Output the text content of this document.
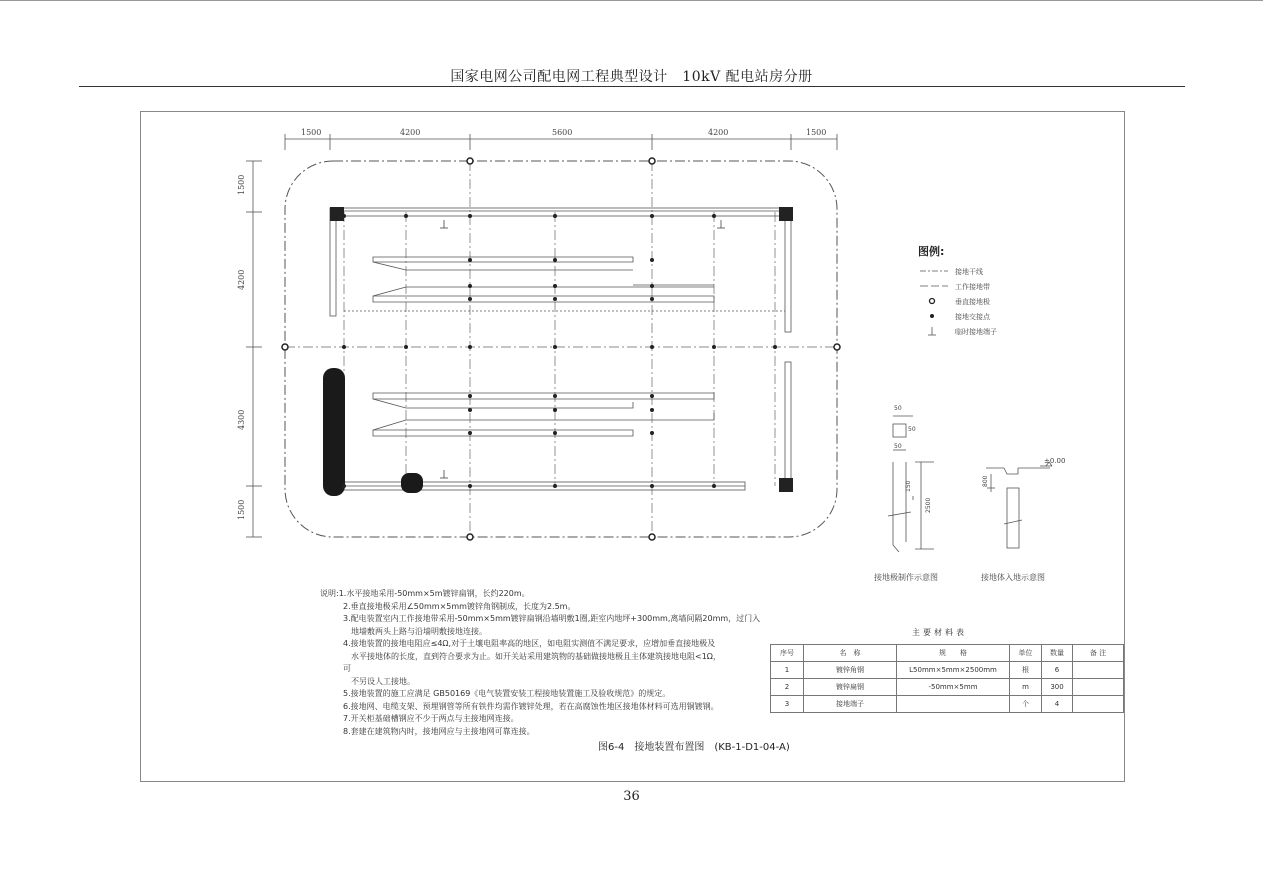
国家电网公司配电网工程典型设计　10kV 配电站房分册
1500	4200	5600	4200	1500
1500
4200
4300
1500
图例:
接地干线
工作接地带
垂直接地极
接地交接点
临时接地端子
50
50
50
150
2500
±0.00
800
接地极制作示意图	接地体入地示意图
说明:1.水平接地采用-50mm×5m镀锌扁钢，长约220m。
2.垂直接地极采用∠50mm×5mm镀锌角钢制成，长度为2.5m。
3.配电装置室内工作接地带采用-50mm×5mm镀锌扁钢沿墙明敷1圈,距室内地坪+300mm,离墙间隔20mm，过门入
地墙敷两头上路与沿墙明敷接地连接。
4.接地装置的接地电阻应≤4Ω,对于土壤电阻率高的地区，如电阻实测值不满足要求，应增加垂直接地极及
水平接地体的长度，直到符合要求为止。如开关站采用建筑物的基础做接地极且主体建筑接地电阻<1Ω，
可
不另设人工接地。
5.接地装置的施工应满足 GB50169《电气装置安装工程接地装置施工及验收规范》的规定。
6.接地网、电缆支架、预埋钢管等所有铁件均需作镀锌处理，若在高腐蚀性地区接地体材料可选用铜镀钢。
7.开关柜基础槽钢应不少于两点与主接地网连接。
8.套建在建筑物内时，接地网应与主接地网可靠连接。
主要材料表
序号	名　称	规　　格	单位	数量	备 注
1	镀锌角钢	L50mm×5mm×2500mm	根	6	
2	镀锌扁钢	-50mm×5mm	m	300	
3	接地端子		个	4	
图6-4　接地装置布置图　(KB-1-D1-04-A)
36
